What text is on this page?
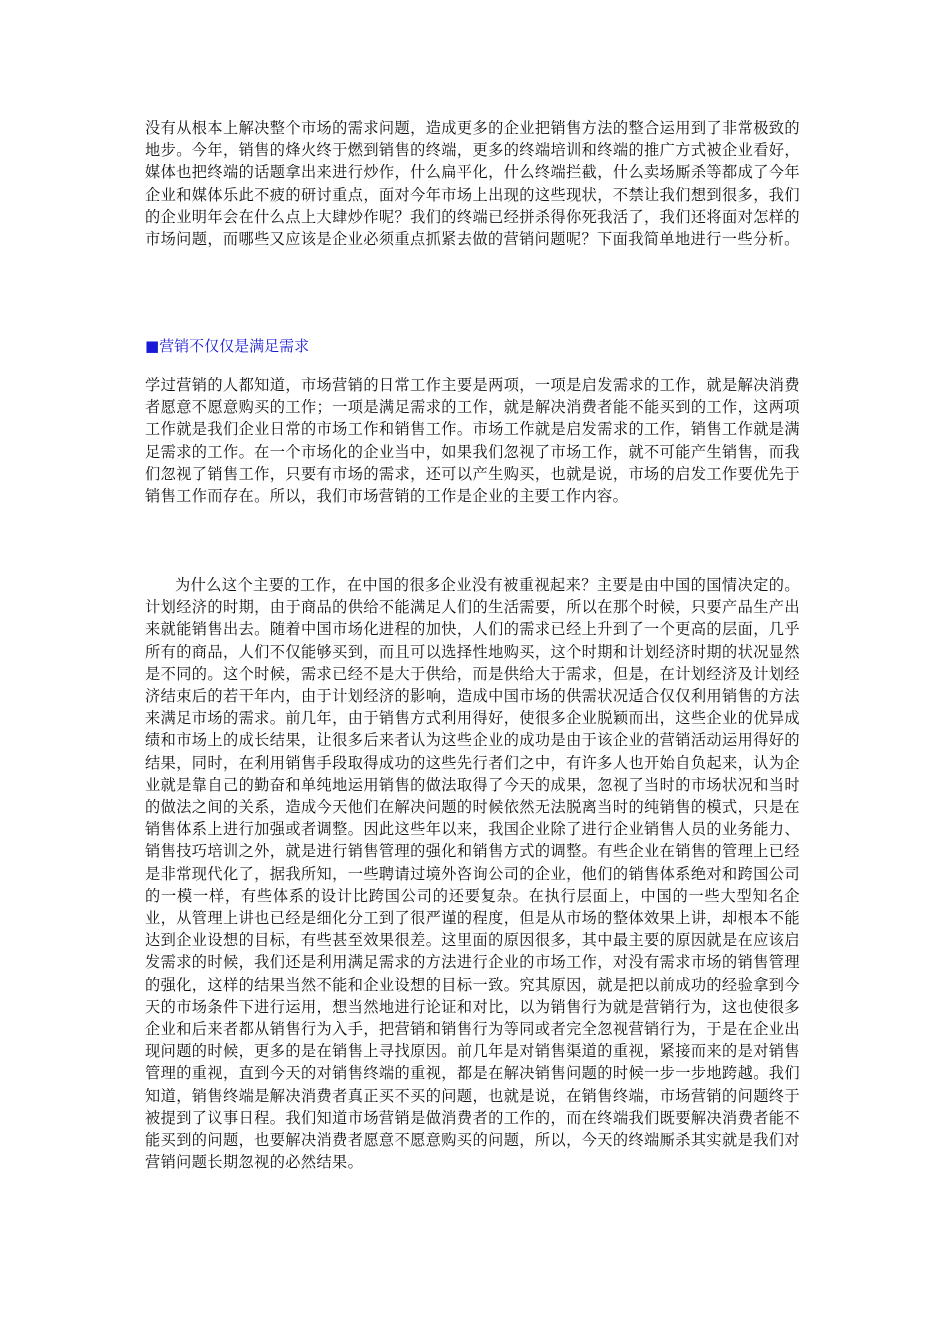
没有从根本上解决整个市场的需求问题，造成更多的企业把销售方法的整合运用到了非常极致的地步。今年，销售的烽火终于燃到销售的终端，更多的终端培训和终端的推广方式被企业看好，媒体也把终端的话题拿出来进行炒作，什么扁平化，什么终端拦截，什么卖场厮杀等都成了今年企业和媒体乐此不疲的研讨重点，面对今年市场上出现的这些现状，不禁让我们想到很多，我们的企业明年会在什么点上大肆炒作呢？我们的终端已经拼杀得你死我活了，我们还将面对怎样的市场问题，而哪些又应该是企业必须重点抓紧去做的营销问题呢？下面我简单地进行一些分析。

■营销不仅仅是满足需求

学过营销的人都知道，市场营销的日常工作主要是两项，一项是启发需求的工作，就是解决消费者愿意不愿意购买的工作；一项是满足需求的工作，就是解决消费者能不能买到的工作，这两项工作就是我们企业日常的市场工作和销售工作。市场工作就是启发需求的工作，销售工作就是满足需求的工作。在一个市场化的企业当中，如果我们忽视了市场工作，就不可能产生销售，而我们忽视了销售工作，只要有市场的需求，还可以产生购买，也就是说，市场的启发工作要优先于销售工作而存在。所以，我们市场营销的工作是企业的主要工作内容。

为什么这个主要的工作，在中国的很多企业没有被重视起来？主要是由中国的国情决定的。计划经济的时期，由于商品的供给不能满足人们的生活需要，所以在那个时候，只要产品生产出来就能销售出去。随着中国市场化进程的加快，人们的需求已经上升到了一个更高的层面，几乎所有的商品，人们不仅能够买到，而且可以选择性地购买，这个时期和计划经济时期的状况显然是不同的。这个时候，需求已经不是大于供给，而是供给大于需求，但是，在计划经济及计划经济结束后的若干年内，由于计划经济的影响，造成中国市场的供需状况适合仅仅利用销售的方法来满足市场的需求。前几年，由于销售方式利用得好，使很多企业脱颖而出，这些企业的优异成绩和市场上的成长结果，让很多后来者认为这些企业的成功是由于该企业的营销活动运用得好的结果，同时，在利用销售手段取得成功的这些先行者们之中，有许多人也开始自负起来，认为企业就是靠自己的勤奋和单纯地运用销售的做法取得了今天的成果，忽视了当时的市场状况和当时的做法之间的关系，造成今天他们在解决问题的时候依然无法脱离当时的纯销售的模式，只是在销售体系上进行加强或者调整。因此这些年以来，我国企业除了进行企业销售人员的业务能力、销售技巧培训之外，就是进行销售管理的强化和销售方式的调整。有些企业在销售的管理上已经是非常现代化了，据我所知，一些聘请过境外咨询公司的企业，他们的销售体系绝对和跨国公司的一模一样，有些体系的设计比跨国公司的还要复杂。在执行层面上，中国的一些大型知名企业，从管理上讲也已经是细化分工到了很严谨的程度，但是从市场的整体效果上讲，却根本不能达到企业设想的目标，有些甚至效果很差。这里面的原因很多，其中最主要的原因就是在应该启发需求的时候，我们还是利用满足需求的方法进行企业的市场工作，对没有需求市场的销售管理的强化，这样的结果当然不能和企业设想的目标一致。究其原因，就是把以前成功的经验拿到今天的市场条件下进行运用，想当然地进行论证和对比，以为销售行为就是营销行为，这也使很多企业和后来者都从销售行为入手，把营销和销售行为等同或者完全忽视营销行为，于是在企业出现问题的时候，更多的是在销售上寻找原因。前几年是对销售渠道的重视，紧接而来的是对销售管理的重视，直到今天的对销售终端的重视，都是在解决销售问题的时候一步一步地跨越。我们知道，销售终端是解决消费者真正买不买的问题，也就是说，在销售终端，市场营销的问题终于被提到了议事日程。我们知道市场营销是做消费者的工作的，而在终端我们既要解决消费者能不能买到的问题，也要解决消费者愿意不愿意购买的问题，所以，今天的终端厮杀其实就是我们对营销问题长期忽视的必然结果。
